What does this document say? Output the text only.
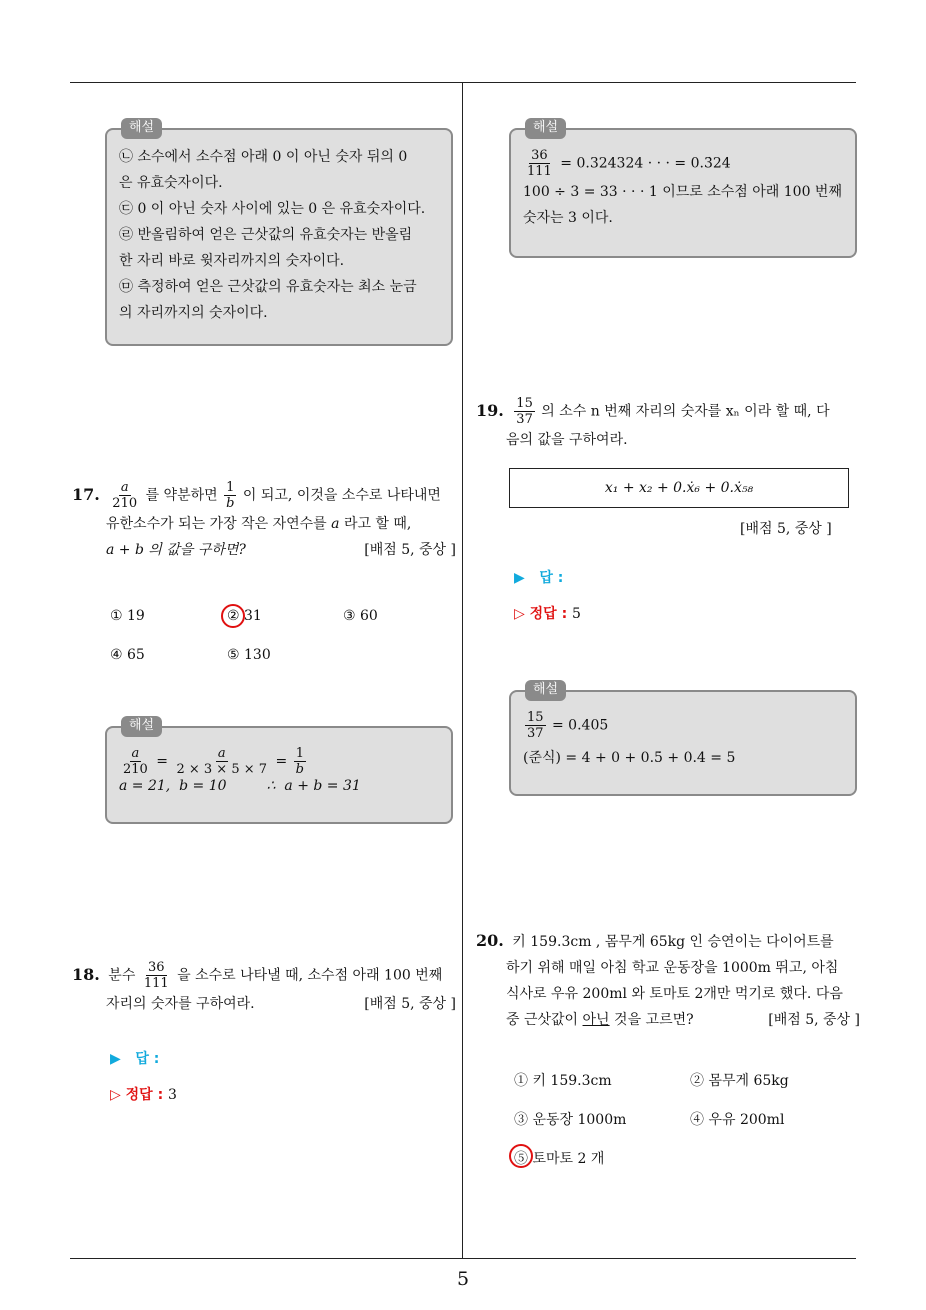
5
해설
㉡ 소수에서 소수점 아래 0 이 아닌 숫자 뒤의 0
은 유효숫자이다.
㉢ 0 이 아닌 숫자 사이에 있는 0 은 유효숫자이다.
㉣ 반올림하여 얻은 근삿값의 유효숫자는 반올림
한 자리 바로 윗자리까지의 숫자이다.
㉤ 측정하여 얻은 근삿값의 유효숫자는 최소 눈금
의 자리까지의 숫자이다.
17. $\frac{a}{210}$ 를 약분하면 $\frac{1}{b}$ 이 되고, 이것을 소수로 나타내면
유한소수가 되는 가장 작은 자연수를 a 라고 할 때,
a + b 의 값을 구하면?	[배점 5, 중상 ]
① 19	② 31	③ 60
④ 65	⑤ 130
해설
$\frac{a}{210} = \frac{a}{2 \times 3 \times 5 \times 7} = \frac{1}{b}$
a = 21,  b = 10         ∴  a + b = 31
18. 분수 $\frac{36}{111}$ 을 소수로 나타낼 때, 소수점 아래 100 번째
자리의 숫자를 구하여라.	[배점 5, 중상 ]
▶   답 :
▷ 정답 : 3
해설
$\frac{36}{111} = 0.324324$ · · · = 0.3̇24̇
100 ÷ 3 = 33 · · · 1 이므로 소수점 아래 100 번째
숫자는 3 이다.
19. $\frac{15}{37}$ 의 소수 n 번째 자리의 숫자를 xₙ 이라 할 때, 다
음의 값을 구하여라.
x₁ + x₂ + 0.ẋ₆ + 0.ẋ₅₈
[배점 5, 중상 ]
▶   답 :
▷ 정답 : 5
해설
$\frac{15}{37}$ = 0.4̇05̇
(준식) = 4 + 0 + 0.5̇ + 0.4̇ = 5
20. 키 159.3cm , 몸무게 65kg 인 승연이는 다이어트를
하기 위해 매일 아침 학교 운동장을 1000m 뛰고, 아침
식사로 우유 200ml 와 토마토 2개만 먹기로 했다. 다음
중 근삿값이 아닌 것을 고르면?	[배점 5, 중상 ]
① 키 159.3cm	② 몸무게 65kg
③ 운동장 1000m	④ 우유 200ml
⑤ 토마토 2 개
